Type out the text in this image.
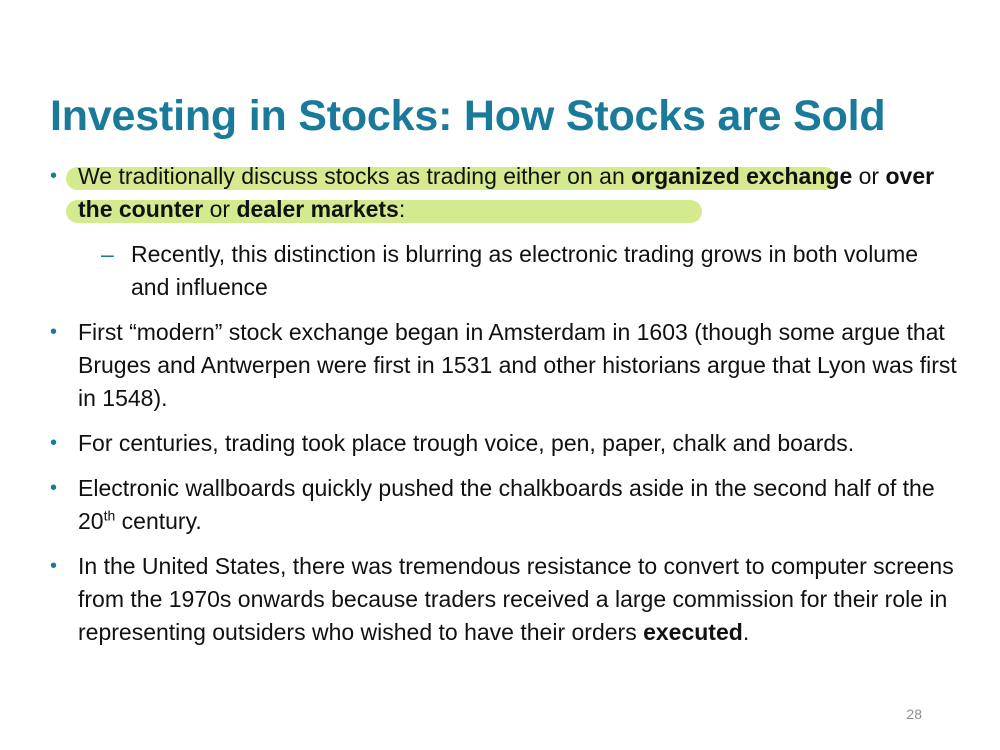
Investing in Stocks: How Stocks are Sold
• We traditionally discuss stocks as trading either on an organized exchange or over the counter or dealer markets:
– Recently, this distinction is blurring as electronic trading grows in both volume and influence
• First “modern” stock exchange began in Amsterdam in 1603 (though some argue that Bruges and Antwerpen were first in 1531 and other historians argue that Lyon was first in 1548).
• For centuries, trading took place trough voice, pen, paper, chalk and boards.
• Electronic wallboards quickly pushed the chalkboards aside in the second half of the 20th century.
• In the United States, there was tremendous resistance to convert to computer screens from the 1970s onwards because traders received a large commission for their role in representing outsiders who wished to have their orders executed.
28
